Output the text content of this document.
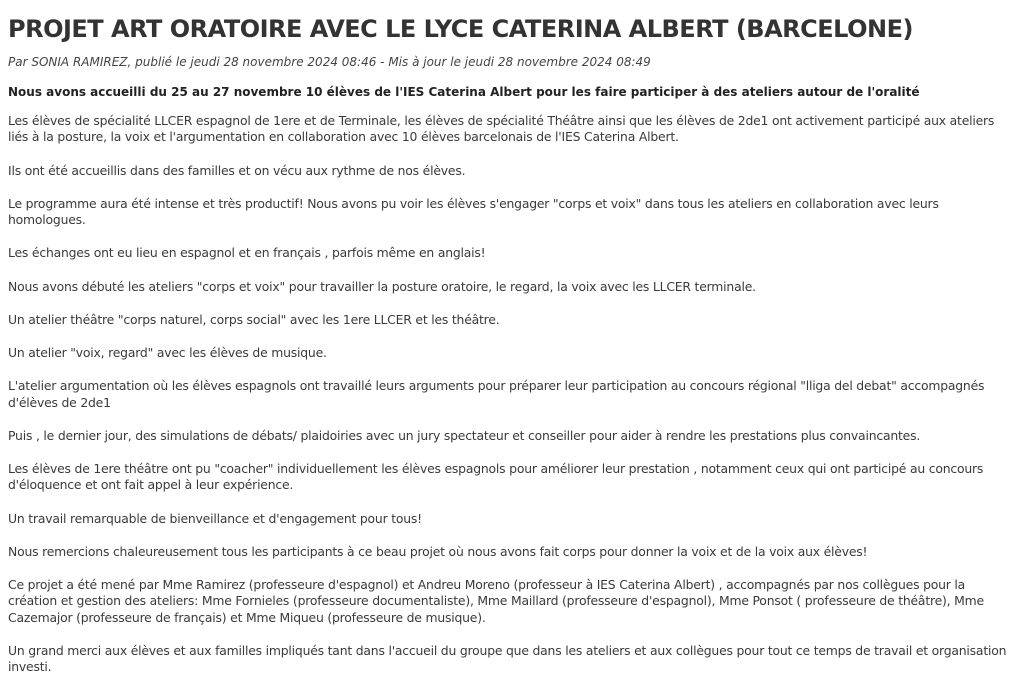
PROJET ART ORATOIRE AVEC LE LYCE CATERINA ALBERT (BARCELONE)
Par SONIA RAMIREZ, publié le jeudi 28 novembre 2024 08:46 - Mis à jour le jeudi 28 novembre 2024 08:49

Nous avons accueilli du 25 au 27 novembre 10 élèves de l'IES Caterina Albert pour les faire participer à des ateliers autour de l'oralité

Les élèves de spécialité LLCER espagnol de 1ere et de Terminale, les élèves de spécialité Théâtre ainsi que les élèves de 2de1 ont activement participé aux ateliers liés à la posture, la voix et l'argumentation en collaboration avec 10 élèves barcelonais de l'IES Caterina Albert.

Ils ont été accueillis dans des familles et on vécu aux rythme de nos élèves.

Le programme aura été intense et très productif! Nous avons pu voir les élèves s'engager "corps et voix" dans tous les ateliers en collaboration avec leurs homologues.

Les échanges ont eu lieu en espagnol et en français , parfois même en anglais!

Nous avons débuté les ateliers "corps et voix" pour travailler la posture oratoire, le regard, la voix avec les LLCER terminale.

Un atelier théâtre "corps naturel, corps social" avec les 1ere LLCER et les théâtre.

Un atelier "voix, regard" avec les élèves de musique.

L'atelier argumentation où les élèves espagnols ont travaillé leurs arguments pour préparer leur participation au concours régional "lliga del debat" accompagnés d'élèves de 2de1

Puis , le dernier jour, des simulations de débats/ plaidoiries avec un jury spectateur et conseiller pour aider à rendre les prestations plus convaincantes.

Les élèves de 1ere théâtre ont pu "coacher" individuellement les élèves espagnols pour améliorer leur prestation , notamment ceux qui ont participé au concours d'éloquence et ont fait appel à leur expérience.

Un travail remarquable de bienveillance et d'engagement pour tous!

Nous remercions chaleureusement tous les participants à ce beau projet où nous avons fait corps pour donner la voix et de la voix aux élèves!

Ce projet a été mené par Mme Ramirez (professeure d'espagnol) et Andreu Moreno (professeur à IES Caterina Albert) , accompagnés par nos collègues pour la création et gestion des ateliers: Mme Fornieles (professeure documentaliste), Mme Maillard (professeure d'espagnol), Mme Ponsot ( professeure de théâtre), Mme Cazemajor (professeure de français) et Mme Miqueu (professeure de musique).

Un grand merci aux élèves et aux familles impliqués tant dans l'accueil du groupe que dans les ateliers et aux collègues pour tout ce temps de travail et organisation investi.
